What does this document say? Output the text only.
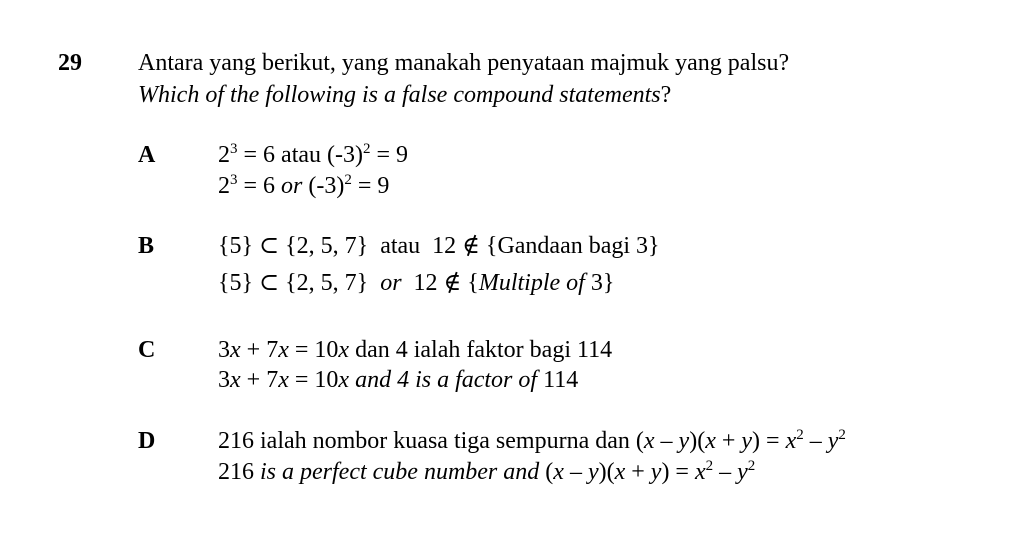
29 Antara yang berikut, yang manakah penyataan majmuk yang palsu?
Which of the following is a false compound statements?
A	$2^3 = 6$ atau $(-3)^2 = 9$
$2^3 = 6$ or $(-3)^2 = 9$
B	{5} ⊂ {2, 5, 7}  atau  12 ∉ {Gandaan bagi 3}
{5} ⊂ {2, 5, 7}  or  12 ∉ {Multiple of 3}
C	3x + 7x = 10x dan 4 ialah faktor bagi 114
3x + 7x = 10x and 4 is a factor of 114
D	216 ialah nombor kuasa tiga sempurna dan $(x - y)(x + y) = x^2 - y^2$
216 is a perfect cube number and $(x - y)(x + y) = x^2 - y^2$
